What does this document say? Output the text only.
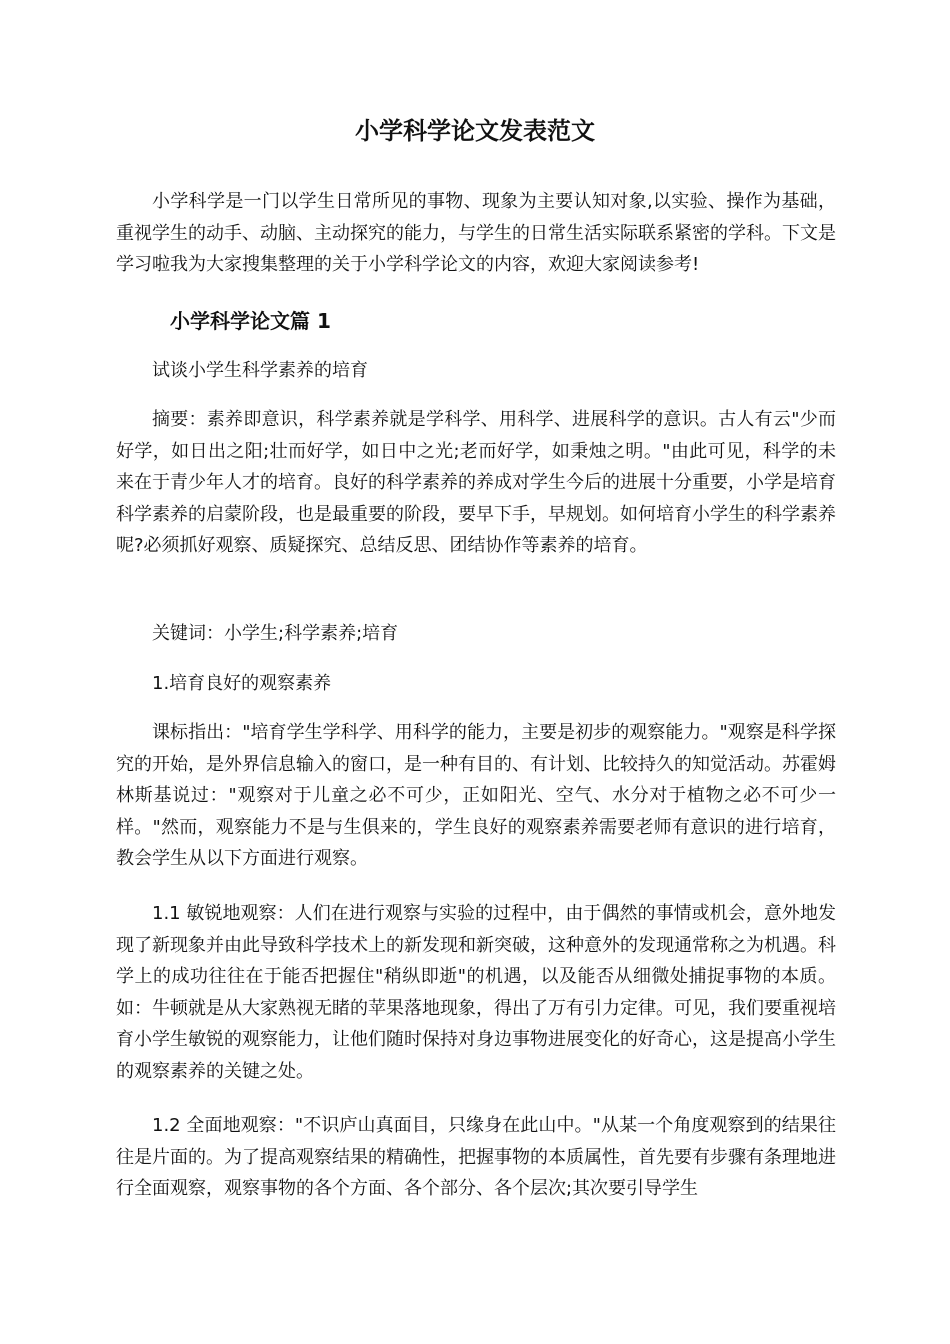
小学科学论文发表范文

小学科学是一门以学生日常所见的事物、现象为主要认知对象,以实验、操作为基础，重视学生的动手、动脑、主动探究的能力，与学生的日常生活实际联系紧密的学科。下文是学习啦我为大家搜集整理的关于小学科学论文的内容，欢迎大家阅读参考!

小学科学论文篇 1

试谈小学生科学素养的培育

摘要：素养即意识，科学素养就是学科学、用科学、进展科学的意识。古人有云"少而好学，如日出之阳;壮而好学，如日中之光;老而好学，如秉烛之明。"由此可见，科学的未来在于青少年人才的培育。良好的科学素养的养成对学生今后的进展十分重要，小学是培育科学素养的启蒙阶段，也是最重要的阶段，要早下手，早规划。如何培育小学生的科学素养呢?必须抓好观察、质疑探究、总结反思、团结协作等素养的培育。

关键词：小学生;科学素养;培育

1.培育良好的观察素养

课标指出："培育学生学科学、用科学的能力，主要是初步的观察能力。"观察是科学探究的开始，是外界信息输入的窗口，是一种有目的、有计划、比较持久的知觉活动。苏霍姆林斯基说过："观察对于儿童之必不可少，正如阳光、空气、水分对于植物之必不可少一样。"然而，观察能力不是与生俱来的，学生良好的观察素养需要老师有意识的进行培育，教会学生从以下方面进行观察。

1.1 敏锐地观察：人们在进行观察与实验的过程中，由于偶然的事情或机会，意外地发现了新现象并由此导致科学技术上的新发现和新突破，这种意外的发现通常称之为机遇。科学上的成功往往在于能否把握住"稍纵即逝"的机遇，以及能否从细微处捕捉事物的本质。如：牛顿就是从大家熟视无睹的苹果落地现象，得出了万有引力定律。可见，我们要重视培育小学生敏锐的观察能力，让他们随时保持对身边事物进展变化的好奇心，这是提高小学生的观察素养的关键之处。

1.2 全面地观察："不识庐山真面目，只缘身在此山中。"从某一个角度观察到的结果往往是片面的。为了提高观察结果的精确性，把握事物的本质属性，首先要有步骤有条理地进行全面观察，观察事物的各个方面、各个部分、各个层次;其次要引导学生
